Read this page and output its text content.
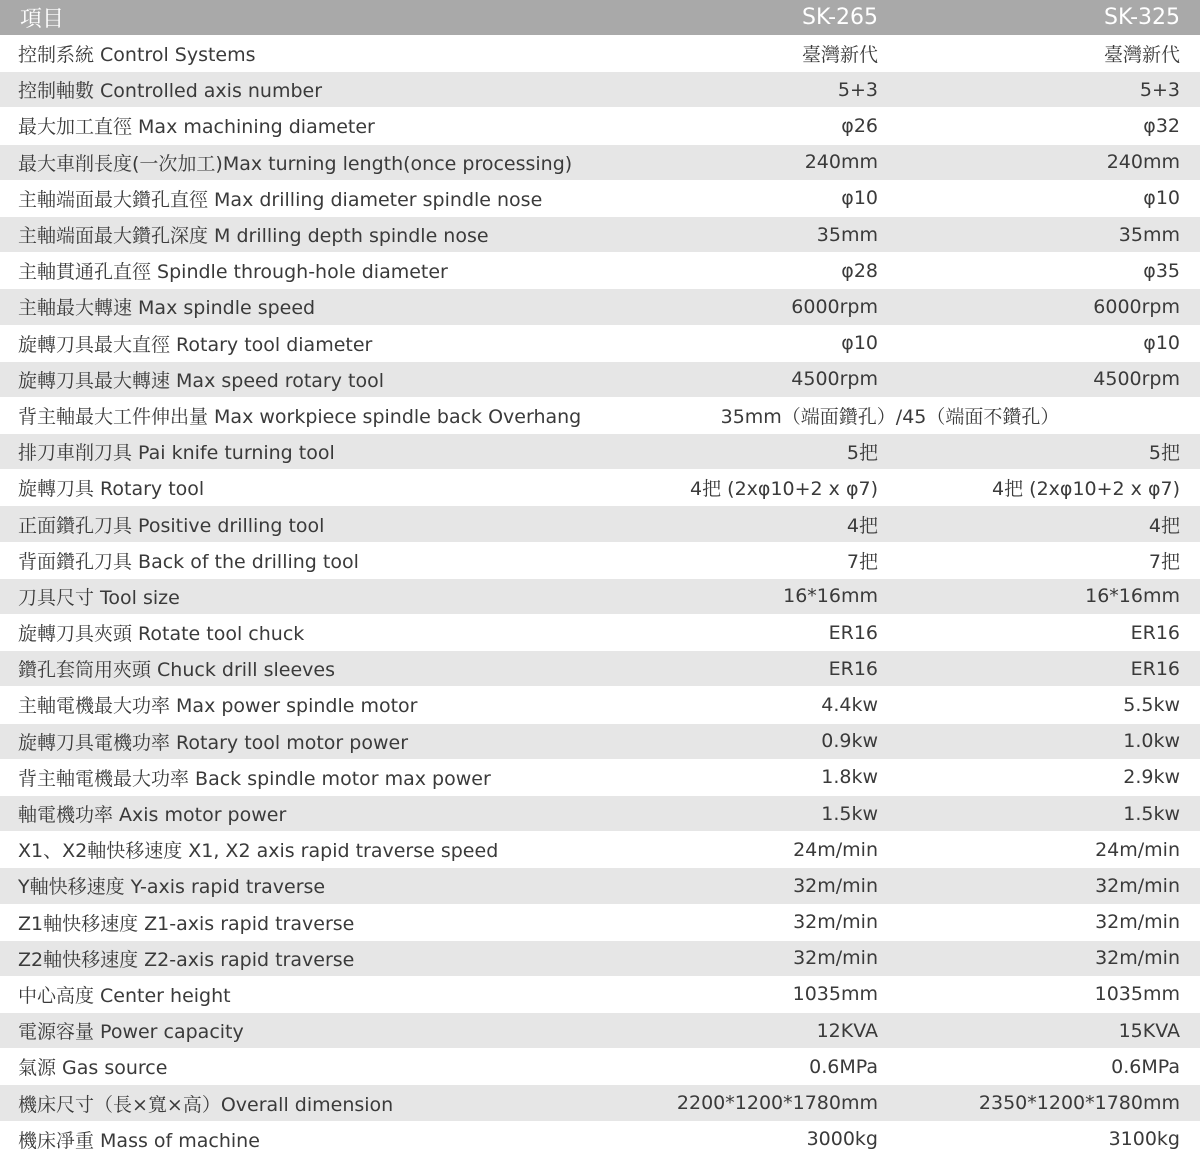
項目	SK-265	SK-325
控制系統 Control Systems	臺灣新代	臺灣新代
控制軸數 Controlled axis number	5+3	5+3
最大加工直徑 Max machining diameter	φ26	φ32
最大車削長度(一次加工)Max turning length(once processing)	240mm	240mm
主軸端面最大鑽孔直徑 Max drilling diameter spindle nose	φ10	φ10
主軸端面最大鑽孔深度 M drilling depth spindle nose	35mm	35mm
主軸貫通孔直徑 Spindle through-hole diameter	φ28	φ35
主軸最大轉速 Max spindle speed	6000rpm	6000rpm
旋轉刀具最大直徑 Rotary tool diameter	φ10	φ10
旋轉刀具最大轉速 Max speed rotary tool	4500rpm	4500rpm
背主軸最大工件伸出量 Max workpiece spindle back Overhang	35mm（端面鑽孔）/45（端面不鑽孔）
排刀車削刀具 Pai knife turning tool	5把	5把
旋轉刀具 Rotary tool	4把 (2xφ10+2 x φ7)	4把 (2xφ10+2 x φ7)
正面鑽孔刀具 Positive drilling tool	4把	4把
背面鑽孔刀具 Back of the drilling tool	7把	7把
刀具尺寸 Tool size	16*16mm	16*16mm
旋轉刀具夾頭 Rotate tool chuck	ER16	ER16
鑽孔套筒用夾頭 Chuck drill sleeves	ER16	ER16
主軸電機最大功率 Max power spindle motor	4.4kw	5.5kw
旋轉刀具電機功率 Rotary tool motor power	0.9kw	1.0kw
背主軸電機最大功率 Back spindle motor max power	1.8kw	2.9kw
軸電機功率 Axis motor power	1.5kw	1.5kw
X1、X2軸快移速度 X1, X2 axis rapid traverse speed	24m/min	24m/min
Y軸快移速度 Y-axis rapid traverse	32m/min	32m/min
Z1軸快移速度 Z1-axis rapid traverse	32m/min	32m/min
Z2軸快移速度 Z2-axis rapid traverse	32m/min	32m/min
中心高度 Center height	1035mm	1035mm
電源容量 Power capacity	12KVA	15KVA
氣源 Gas source	0.6MPa	0.6MPa
機床尺寸（長×寬×高）Overall dimension	2200*1200*1780mm	2350*1200*1780mm
機床凈重 Mass of machine	3000kg	3100kg
